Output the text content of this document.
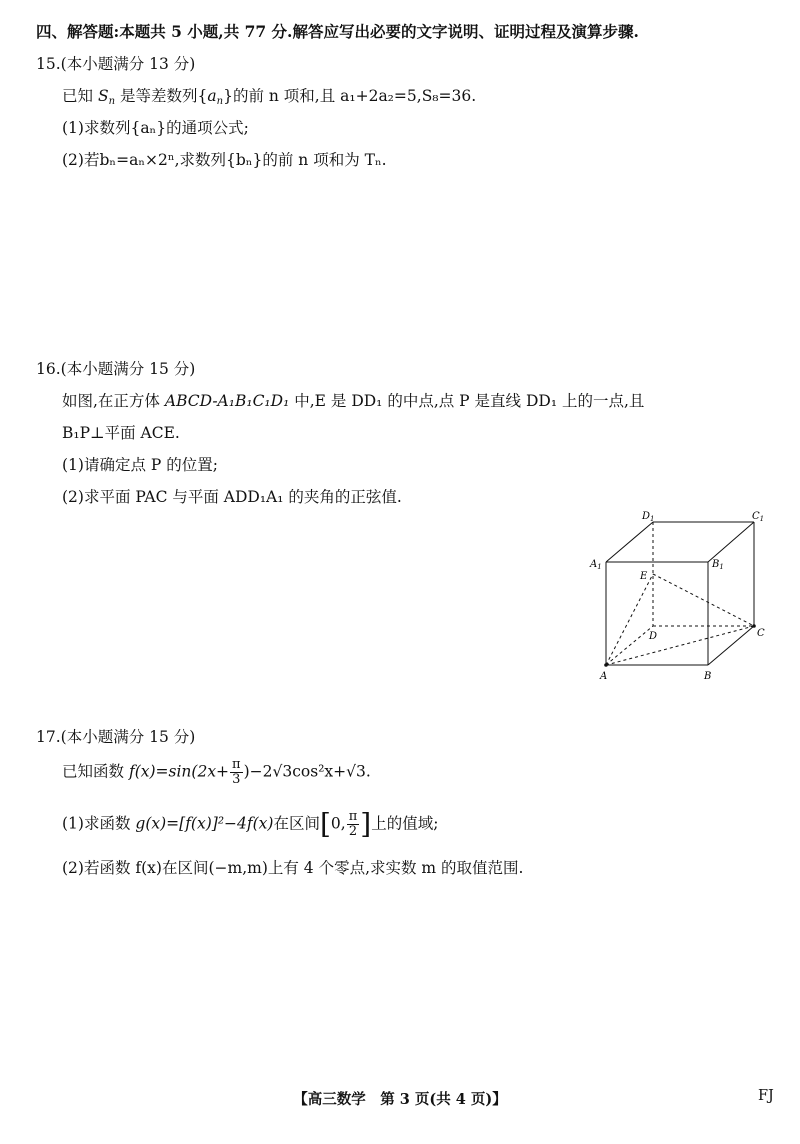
四、解答题:本题共 5 小题,共 77 分.解答应写出必要的文字说明、证明过程及演算步骤.
15.(本小题满分 13 分)
已知 $S_n$ 是等差数列$\{a_n\}$的前 n 项和,且 a₁+2a₂=5,S₈=36.
(1)求数列{aₙ}的通项公式;
(2)若bₙ=aₙ×2ⁿ,求数列{bₙ}的前 n 项和为 Tₙ.
16.(本小题满分 15 分)
如图,在正方体 ABCD-A₁B₁C₁D₁ 中,E 是 DD₁ 的中点,点 P 是直线 DD₁ 上的一点,且
B₁P⊥平面 ACE.
(1)请确定点 P 的位置;
(2)求平面 PAC 与平面 ADD₁A₁ 的夹角的正弦值.
$D_1$	$C_1$
$A_1$	$B_1$
E
D	C
A	B
17.(本小题满分 15 分)
已知函数 $f(x)=\sin(2x+ \frac{\pi}{3} )-2√3\cos^2x+√3$.
(1)求函数 g(x)=[f(x)]²−4f(x)在区间[0, $\frac{\pi}{2}$ ]上的值域;
(2)若函数 f(x)在区间(−m,m)上有 4 个零点,求实数 m 的取值范围.
【高三数学　第 3 页(共 4 页)】	FJ
